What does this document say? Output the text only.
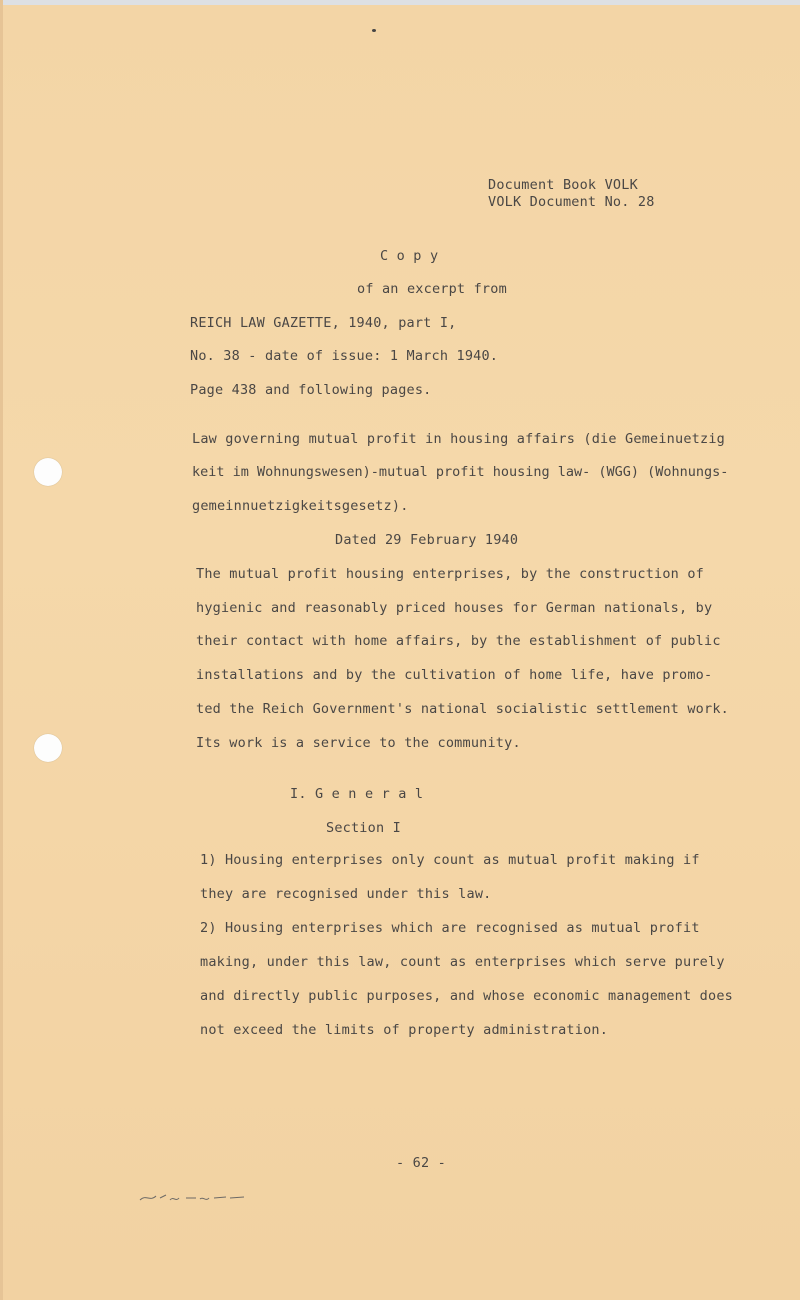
Document Book VOLK
VOLK Document No. 28
C o p y
of an excerpt from
REICH LAW GAZETTE, 1940, part I,
No. 38 - date of issue: 1 March 1940.
Page 438 and following pages.
Law governing mutual profit in housing affairs (die Gemeinuetzig
keit im Wohnungswesen)-mutual profit housing law- (WGG) (Wohnungs-
gemeinnuetzigkeitsgesetz).
Dated 29 February 1940
The mutual profit housing enterprises, by the construction of
hygienic and reasonably priced houses for German nationals, by
their contact with home affairs, by the establishment of public
installations and by the cultivation of home life, have promo-
ted the Reich Government's national socialistic settlement work.
Its work is a service to the community.
I. G e n e r a l
Section I
1) Housing enterprises only count as mutual profit making if
they are recognised under this law.
2) Housing enterprises which are recognised as mutual profit
making, under this law, count as enterprises which serve purely
and directly public purposes, and whose economic management does
not exceed the limits of property administration.
- 62 -
